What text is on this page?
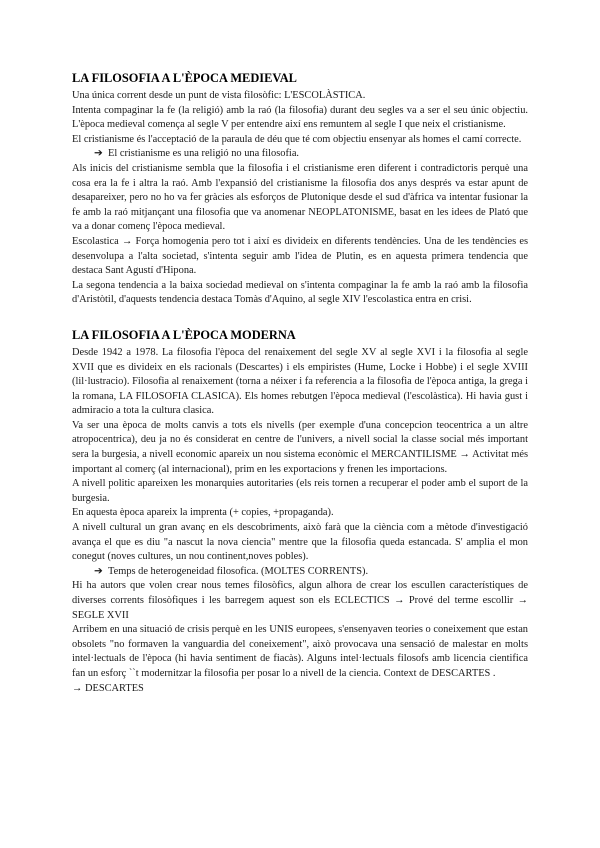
LA FILOSOFIA A L'ÈPOCA MEDIEVAL

Una única corrent desde un punt de vista filosòfic: L'ESCOLÀSTICA.

Intenta compaginar la fe (la religió) amb la raó (la filosofia) durant deu segles va a ser el seu únic objectiu. L'època medieval comença al segle V per entendre així ens remuntem al segle I que neix el cristianisme.

El cristianisme és l'acceptació de la paraula de déu que té com objectiu ensenyar als homes el camí correcte.

➔ El cristianisme es una religió no una filosofia.

Als inicis del cristianisme sembla que la filosofia i el cristianisme eren diferent i contradictoris perquè una cosa era la fe i altra la raó. Amb l'expansió del cristianisme la filosofia dos anys després va estar apunt de desapareixer, pero no ho va fer gràcies als esforços de Plutonique desde el sud d'àfrica va intentar fusionar la fe amb la raó mitjançant una filosofia que va anomenar NEOPLATONISME, basat en les idees de Plató que va a donar començ l'època medieval.

Escolastica → Força homogenia pero tot i així es divideix en diferents tendències. Una de les tendències es desenvolupa a l'alta societad, s'intenta seguir amb l'idea de Plutin, es en aquesta primera tendencia que destaca Sant Agustí d'Hipona.

La segona tendencia a la baixa sociedad medieval on s'intenta compaginar la fe amb la raó amb la filosofia d'Aristòtil, d'aquests tendencia destaca Tomàs d'Aquino, al segle XIV l'escolastica entra en crisi.

LA FILOSOFIA A L'ÈPOCA MODERNA

Desde 1942 a 1978. La filosofia l'època del renaixement del segle XV al segle XVI i la filosofia al segle XVII que es divideix en els racionals (Descartes) i els empiristes (Hume, Locke i Hobbe) i el segle XVIII (lil·lustracio). Filosofia al renaixement (torna a néixer i fa referencia a la filosofia de l'època antiga, la grega i la romana, LA FILOSOFIA CLASICA). Els homes rebutgen l'època medieval (l'escolàstica). Hi havia gust i admiracio a tota la cultura clasica.

Va ser una època de molts canvis a tots els nivells (per exemple d'una concepcion teocentrica a un altre atropocentrica), deu ja no és considerat en centre de l'univers, a nivell social la classe social més important sera la burgesia, a nivell economic apareix un nou sistema econòmic el MERCANTILISME → Activitat més important al comerç (al internacional), prim en les exportacions y frenen les importacions.

A nivell politic apareixen les monarquies autoritaries (els reis tornen a recuperar el poder amb el suport de la burgesia.

En aquesta època apareix la imprenta (+ copies, +propaganda).

A nivell cultural un gran avanç en els descobriments, això farà que la ciència com a mètode d'investigació avança el que es diu "a nascut la nova ciencia" mentre que la filosofia queda estancada. S' amplia el mon conegut (noves cultures, un nou continent,noves pobles).

➔ Temps de heterogeneidad filosofica. (MOLTES CORRENTS).

Hi ha autors que volen crear nous temes filosòfics, algun alhora de crear los escullen característiques de diverses corrents filosòfiques i les barregem aquest son els ECLECTICS → Prové del terme escollir → SEGLE XVII

Arribem en una situació de crisis perquè en les UNIS europees, s'ensenyaven teories o coneixement que estan obsolets "no formaven la vanguardia del coneixement", això provocava una sensació de malestar en molts intel·lectuals de l'època (hi havia sentiment de fiacàs). Alguns intel·lectuals filosofs amb licencia cientifica fan un esforç ``t modernitzar la filosofia per posar lo a nivell de la ciencia. Context de DESCARTES .

→ DESCARTES
